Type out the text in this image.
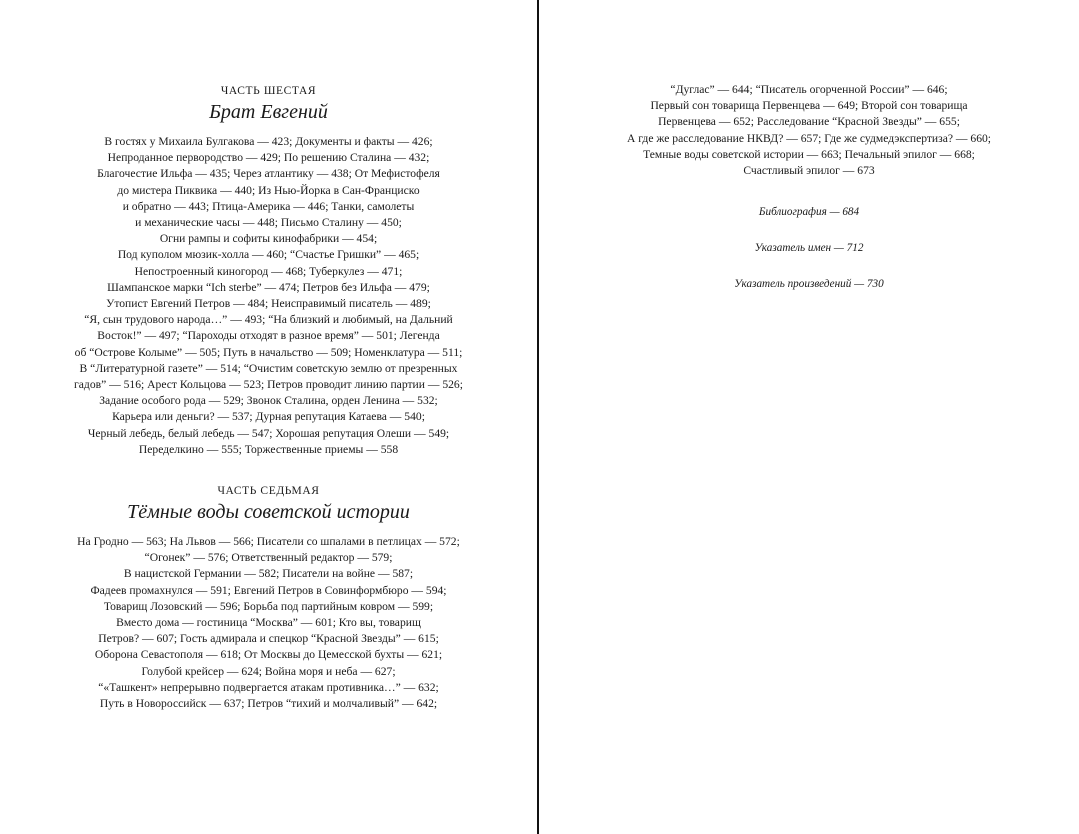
ЧАСТЬ ШЕСТАЯ

Брат Евгений

В гостях у Михаила Булгакова — 423; Документы и факты — 426;
Непроданное первородство — 429; По решению Сталина — 432;
Благочестие Ильфа — 435; Через атлантику — 438; От Мефистофеля
до мистера Пиквика — 440; Из Нью-Йорка в Сан-Франциско
и обратно — 443; Птица-Америка — 446; Танки, самолеты
и механические часы — 448; Письмо Сталину — 450;
Огни рампы и софиты кинофабрики — 454;
Под куполом мюзик-холла — 460; “Счастье Гришки” — 465;
Непостроенный киногород — 468; Туберкулез — 471;
Шампанское марки “Ich sterbe” — 474; Петров без Ильфа — 479;
Утопист Евгений Петров — 484; Неисправимый писатель — 489;
“Я, сын трудового народа…” — 493; “На близкий и любимый, на Дальний
Восток!” — 497; “Пароходы отходят в разное время” — 501; Легенда
об “Острове Колыме” — 505; Путь в начальство — 509; Номенклатура — 511;
В “Литературной газете” — 514; “Очистим советскую землю от презренных
гадов” — 516; Арест Кольцова — 523; Петров проводит линию партии — 526;
Задание особого рода — 529; Звонок Сталина, орден Ленина — 532;
Карьера или деньги? — 537; Дурная репутация Катаева — 540;
Черный лебедь, белый лебедь — 547; Хорошая репутация Олеши — 549;
Переделкино — 555; Торжественные приемы — 558

ЧАСТЬ СЕДЬМАЯ

Тёмные воды советской истории

На Гродно — 563; На Львов — 566; Писатели со шпалами в петлицах — 572;
“Огонек” — 576; Ответственный редактор — 579;
В нацистской Германии — 582; Писатели на войне — 587;
Фадеев промахнулся — 591; Евгений Петров в Совинформбюро — 594;
Товарищ Лозовский — 596; Борьба под партийным ковром — 599;
Вместо дома — гостиница “Москва” — 601; Кто вы, товарищ
Петров? — 607; Гость адмирала и спецкор “Красной Звезды” — 615;
Оборона Севастополя — 618; От Москвы до Цемесской бухты — 621;
Голубой крейсер — 624; Война моря и неба — 627;
“«Ташкент» непрерывно подвергается атакам противника…” — 632;
Путь в Новороссийск — 637; Петров “тихий и молчаливый” — 642;
“Дуглас” — 644; “Писатель огорченной России” — 646;
Первый сон товарища Первенцева — 649; Второй сон товарища
Первенцева — 652; Расследование “Красной Звезды” — 655;
А где же расследование НКВД? — 657; Где же судмедэкспертиза? — 660;
Темные воды советской истории — 663; Печальный эпилог — 668;
Счастливый эпилог — 673
Библиография — 684
Указатель имен — 712
Указатель произведений — 730
